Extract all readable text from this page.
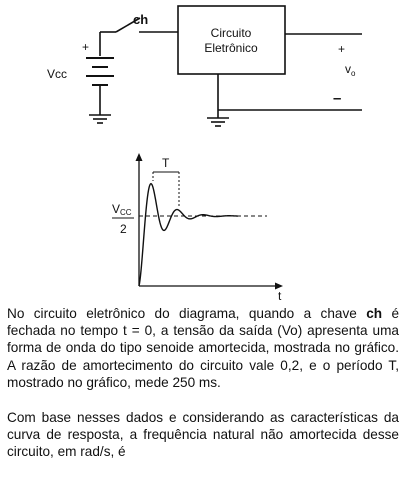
ch
+
Vcc
Circuito
Eletrônico	+
$v_o$
–
T
VCC
2
t

No circuito eletrônico do diagrama, quando a chave ch é fechada no tempo t = 0, a tensão da saída (Vo) apresenta uma forma de onda do tipo senoide amortecida, mostrada no gráfico. A razão de amortecimento do circuito vale 0,2, e o período T, mostrado no gráfico, mede 250 ms.

Com base nesses dados e considerando as características da curva de resposta, a frequência natural não amortecida desse circuito, em rad/s, é
